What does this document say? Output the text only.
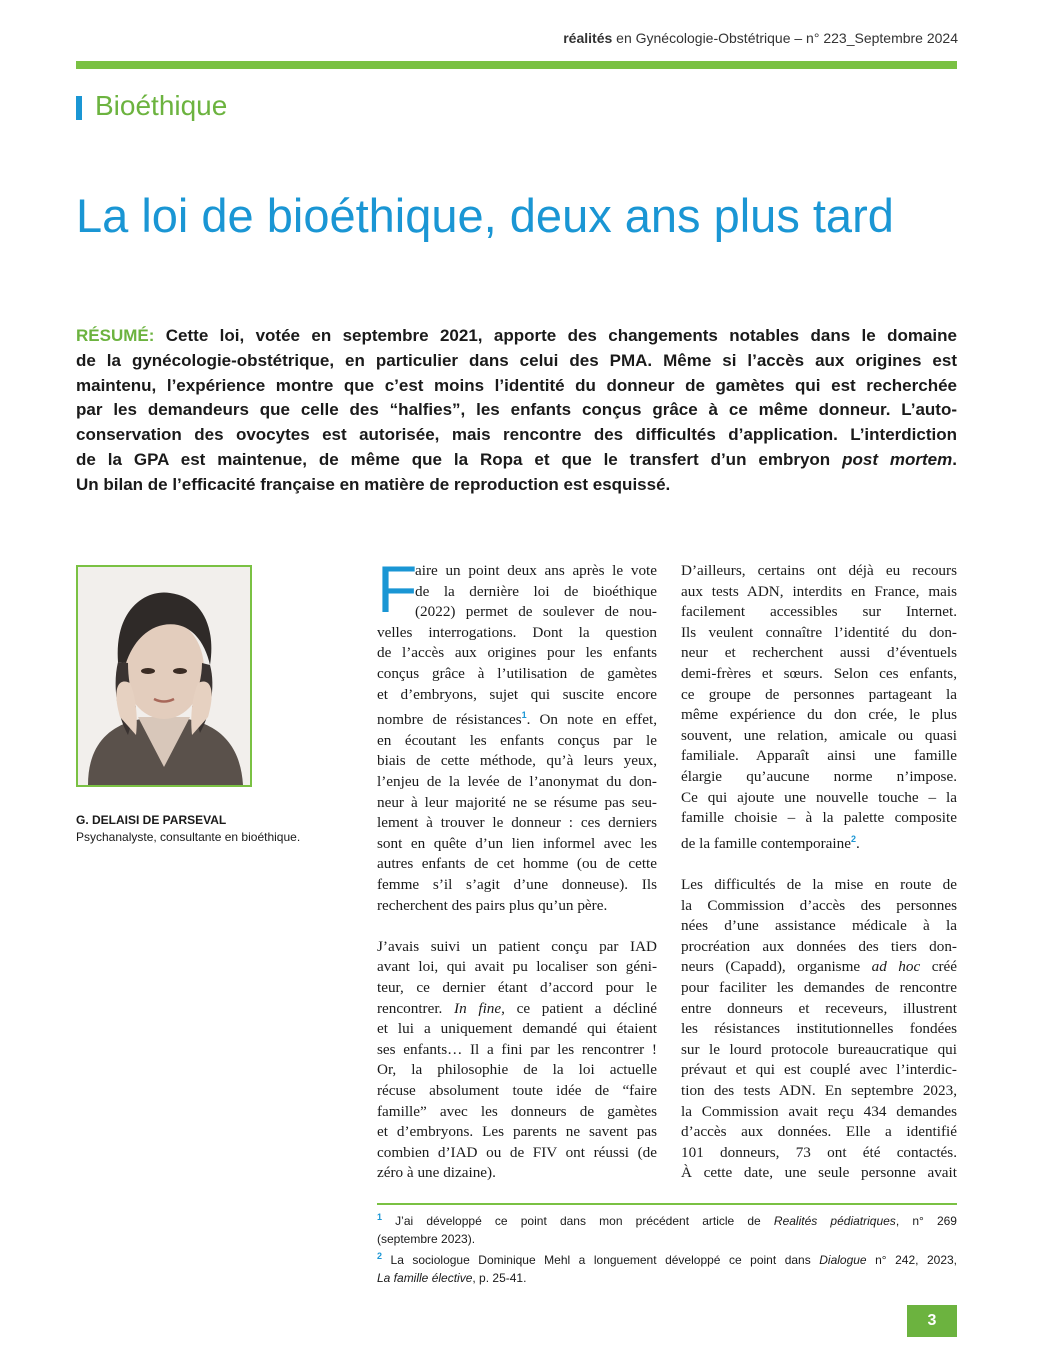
réalités en Gynécologie-Obstétrique – n° 223_Septembre 2024
Bioéthique
La loi de bioéthique, deux ans plus tard
RÉSUMÉ: Cette loi, votée en septembre 2021, apporte des changements notables dans le domaine
de la gynécologie-obstétrique, en particulier dans celui des PMA. Même si l’accès aux origines est
maintenu, l’expérience montre que c’est moins l’identité du donneur de gamètes qui est recherchée
par les demandeurs que celle des “halfies”, les enfants conçus grâce à ce même donneur. L’auto-
conservation des ovocytes est autorisée, mais rencontre des difficultés d’application. L’interdiction
de la GPA est maintenue, de même que la Ropa et que le transfert d’un embryon post mortem.
Un bilan de l’efficacité française en matière de reproduction est esquissé.
G. DELAISI DE PARSEVAL
Psychanalyste, consultante en bioéthique.
F
aire un point deux ans après le vote
de la dernière loi de bioéthique
(2022) permet de soulever de nou-
velles interrogations. Dont la question
de l’accès aux origines pour les enfants
conçus grâce à l’utilisation de gamètes
et d’embryons, sujet qui suscite encore
nombre de résistances$^1$. On note en effet,
en écoutant les enfants conçus par le
biais de cette méthode, qu’à leurs yeux,
l’enjeu de la levée de l’anonymat du don-
neur à leur majorité ne se résume pas seu-
lement à trouver le donneur : ces derniers
sont en quête d’un lien informel avec les
autres enfants de cet homme (ou de cette
femme s’il s’agit d’une donneuse). Ils
recherchent des pairs plus qu’un père.
J’avais suivi un patient conçu par IAD
avant loi, qui avait pu localiser son géni-
teur, ce dernier étant d’accord pour le
rencontrer. In fine, ce patient a décliné
et lui a uniquement demandé qui étaient
ses enfants… Il a fini par les rencontrer !
Or, la philosophie de la loi actuelle
récuse absolument toute idée de “faire
famille” avec les donneurs de gamètes
et d’embryons. Les parents ne savent pas
combien d’IAD ou de FIV ont réussi (de
zéro à une dizaine).
D’ailleurs, certains ont déjà eu recours
aux tests ADN, interdits en France, mais
facilement accessibles sur Internet.
Ils veulent connaître l’identité du don-
neur et recherchent aussi d’éventuels
demi-frères et sœurs. Selon ces enfants,
ce groupe de personnes partageant la
même expérience du don crée, le plus
souvent, une relation, amicale ou quasi
familiale. Apparaît ainsi une famille
élargie qu’aucune norme n’impose.
Ce qui ajoute une nouvelle touche – la
famille choisie – à la palette composite
de la famille contemporaine$^2$.
Les difficultés de la mise en route de
la Commission d’accès des personnes
nées d’une assistance médicale à la
procréation aux données des tiers don-
neurs (Capadd), organisme ad hoc créé
pour faciliter les demandes de rencontre
entre donneurs et receveurs, illustrent
les résistances institutionnelles fondées
sur le lourd protocole bureaucratique qui
prévaut et qui est couplé avec l’interdic-
tion des tests ADN. En septembre 2023,
la Commission avait reçu 434 demandes
d’accès aux données. Elle a identifié
101 donneurs, 73 ont été contactés.
À cette date, une seule personne avait
$^1$ J’ai développé ce point dans mon précédent article de Realités pédiatriques, n° 269
(septembre 2023).
$^2$ La sociologue Dominique Mehl a longuement développé ce point dans Dialogue n° 242, 2023,
La famille élective, p. 25-41.
3
